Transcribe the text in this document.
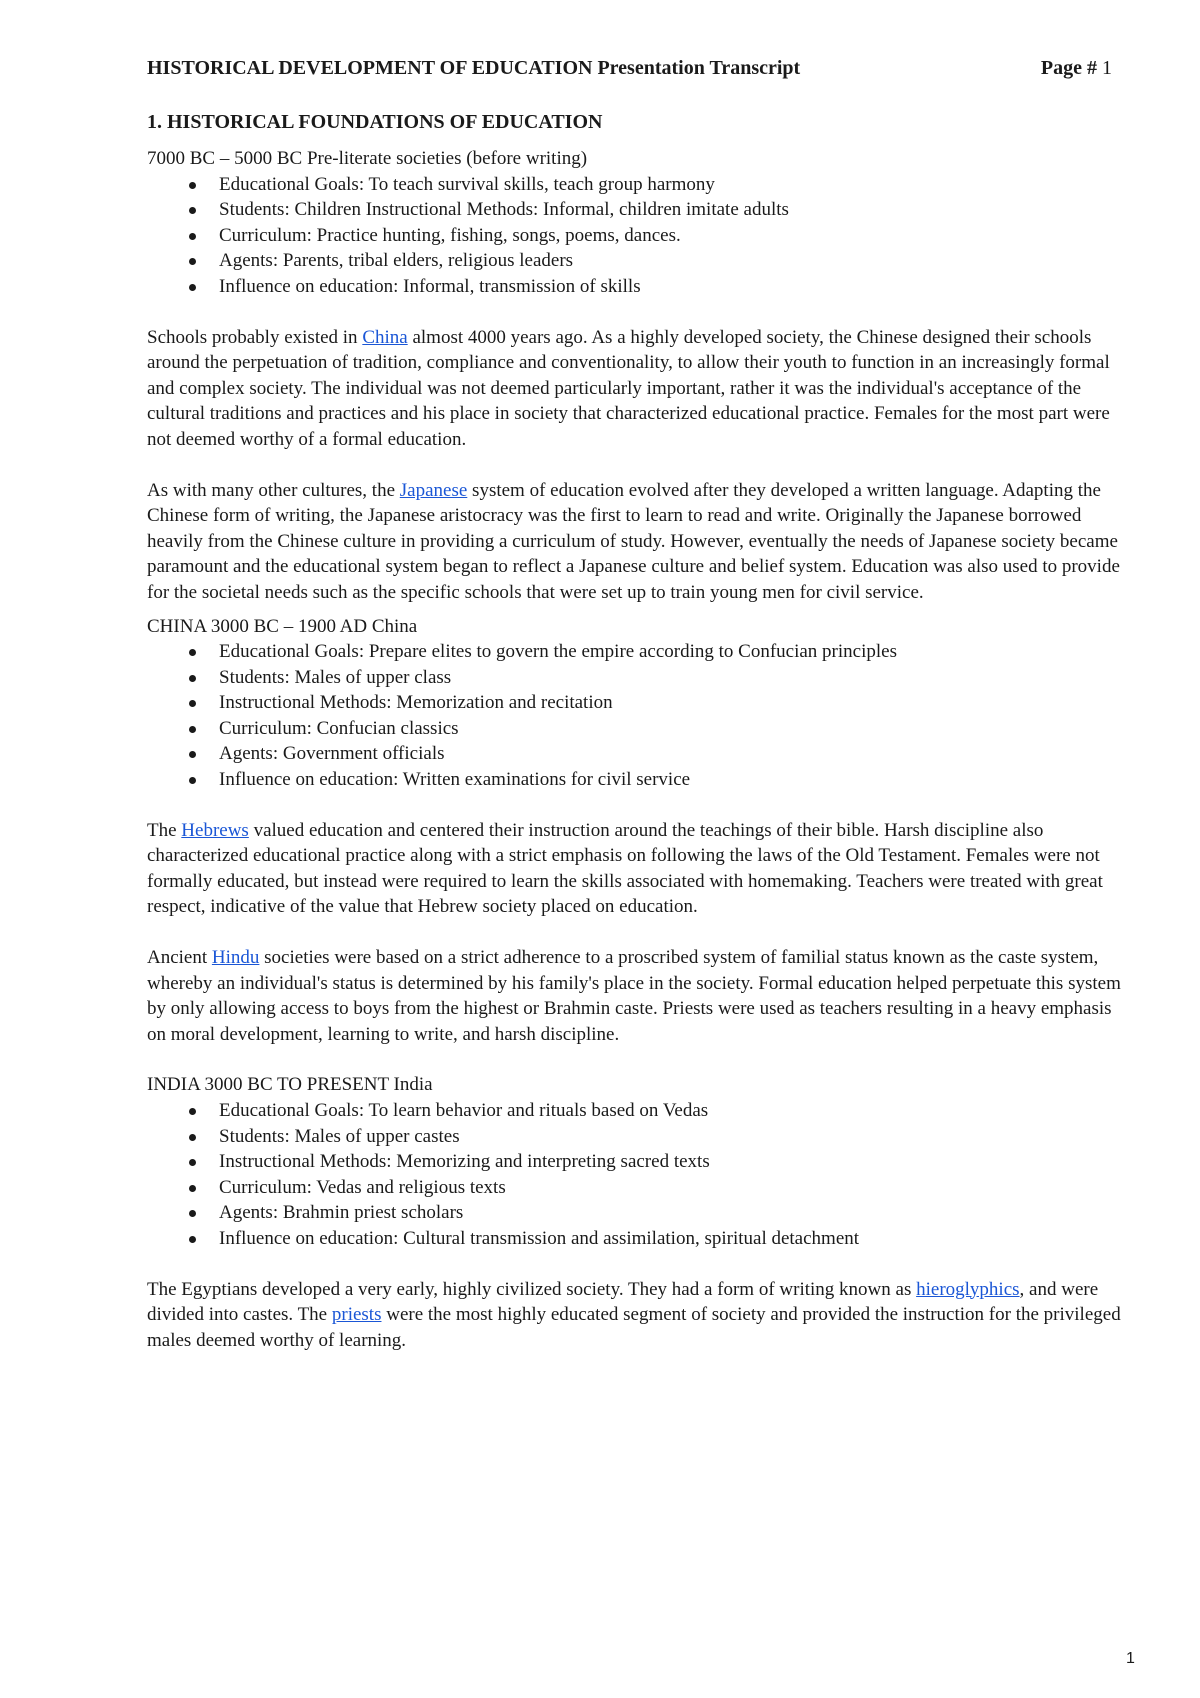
HISTORICAL DEVELOPMENT OF EDUCATION Presentation Transcript	Page # 1
1. HISTORICAL FOUNDATIONS OF EDUCATION

7000 BC – 5000 BC Pre-literate societies (before writing)

Educational Goals: To teach survival skills, teach group harmony
Students: Children Instructional Methods: Informal, children imitate adults
Curriculum: Practice hunting, fishing, songs, poems, dances.
Agents: Parents, tribal elders, religious leaders
Influence on education: Informal, transmission of skills

Schools probably existed in China almost 4000 years ago. As a highly developed society, the Chinese designed their schools around the perpetuation of tradition, compliance and conventionality, to allow their youth to function in an increasingly formal and complex society. The individual was not deemed particularly important, rather it was the individual's acceptance of the cultural traditions and practices and his place in society that characterized educational practice. Females for the most part were not deemed worthy of a formal education.

As with many other cultures, the Japanese system of education evolved after they developed a written language. Adapting the Chinese form of writing, the Japanese aristocracy was the first to learn to read and write. Originally the Japanese borrowed heavily from the Chinese culture in providing a curriculum of study. However, eventually the needs of Japanese society became paramount and the educational system began to reflect a Japanese culture and belief system. Education was also used to provide for the societal needs such as the specific schools that were set up to train young men for civil service.

CHINA 3000 BC – 1900 AD China

Educational Goals: Prepare elites to govern the empire according to Confucian principles
Students: Males of upper class
Instructional Methods: Memorization and recitation
Curriculum: Confucian classics
Agents: Government officials
Influence on education: Written examinations for civil service

The Hebrews valued education and centered their instruction around the teachings of their bible. Harsh discipline also characterized educational practice along with a strict emphasis on following the laws of the Old Testament. Females were not formally educated, but instead were required to learn the skills associated with homemaking. Teachers were treated with great respect, indicative of the value that Hebrew society placed on education.

Ancient Hindu societies were based on a strict adherence to a proscribed system of familial status known as the caste system, whereby an individual's status is determined by his family's place in the society. Formal education helped perpetuate this system by only allowing access to boys from the highest or Brahmin caste. Priests were used as teachers resulting in a heavy emphasis on moral development, learning to write, and harsh discipline.

INDIA 3000 BC TO PRESENT India

Educational Goals: To learn behavior and rituals based on Vedas
Students: Males of upper castes
Instructional Methods: Memorizing and interpreting sacred texts
Curriculum: Vedas and religious texts
Agents: Brahmin priest scholars
Influence on education: Cultural transmission and assimilation, spiritual detachment

The Egyptians developed a very early, highly civilized society. They had a form of writing known as hieroglyphics, and were divided into castes. The priests were the most highly educated segment of society and provided the instruction for the privileged males deemed worthy of learning.

1
